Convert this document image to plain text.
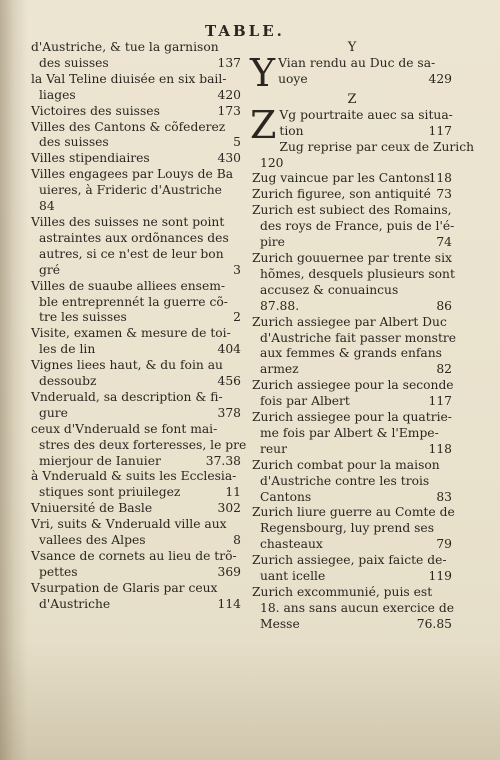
TABLE.
d'Austriche, & tue la garnison
des suisses	137
la Val Teline diuisée en six bail-
liages	420
Victoires des suisses	173
Villes des Cantons & cõfederez
des suisses	5
Villes stipendiaires	430
Villes engagees par Louys de Ba
uieres, à Frideric d'Austriche
84
Villes des suisses ne sont point
astraintes aux ordõnances des
autres, si ce n'est de leur bon
gré	3
Villes de suaube alliees ensem-
ble entreprennét la guerre cõ-
tre les suisses	2
Visite, examen & mesure de toi-
les de lin	404
Vignes liees haut, & du foin au
dessoubz	456
Vnderuald, sa description & fi-
gure	378
ceux d'Vnderuald se font mai-
stres des deux forteresses, le pre
mierjour de Ianuier	37.38
à Vnderuald & suits les Ecclesia-
stiques sont priuilegez	11
Vniuersité de Basle	302
Vri, suits & Vnderuald ville aux
vallees des Alpes	8
Vsance de cornets au lieu de trõ-
pettes	369
Vsurpation de Glaris par ceux
d'Austriche	114
Y
Y Vian rendu au Duc de sa-
uoye	429
Z
Z Vg pourtraite auec sa situa-
tion	117
Zug reprise par ceux de Zurich
120
Zug vaincue par les Cantons
118
Zurich figuree, son antiquité 73
Zurich est subiect des Romains,
des roys de France, puis de l'é-
pire	74
Zurich gouuernee par trente six
hõmes, desquels plusieurs sont
accusez & conuaincus
87.88.	86
Zurich assiegee par Albert Duc
d'Austriche fait passer monstre
aux femmes & grands enfans
armez	82
Zurich assiegee pour la seconde
fois par Albert	117
Zurich assiegee pour la quatrie-
me fois par Albert & l'Empe-
reur	118
Zurich combat pour la maison
d'Austriche contre les trois
Cantons	83
Zurich liure guerre au Comte de
Regensbourg, luy prend ses
chasteaux	79
Zurich assiegee, paix faicte de-
uant icelle	119
Zurich excommunié, puis est
18. ans sans aucun exercice de
Messe	76.85
